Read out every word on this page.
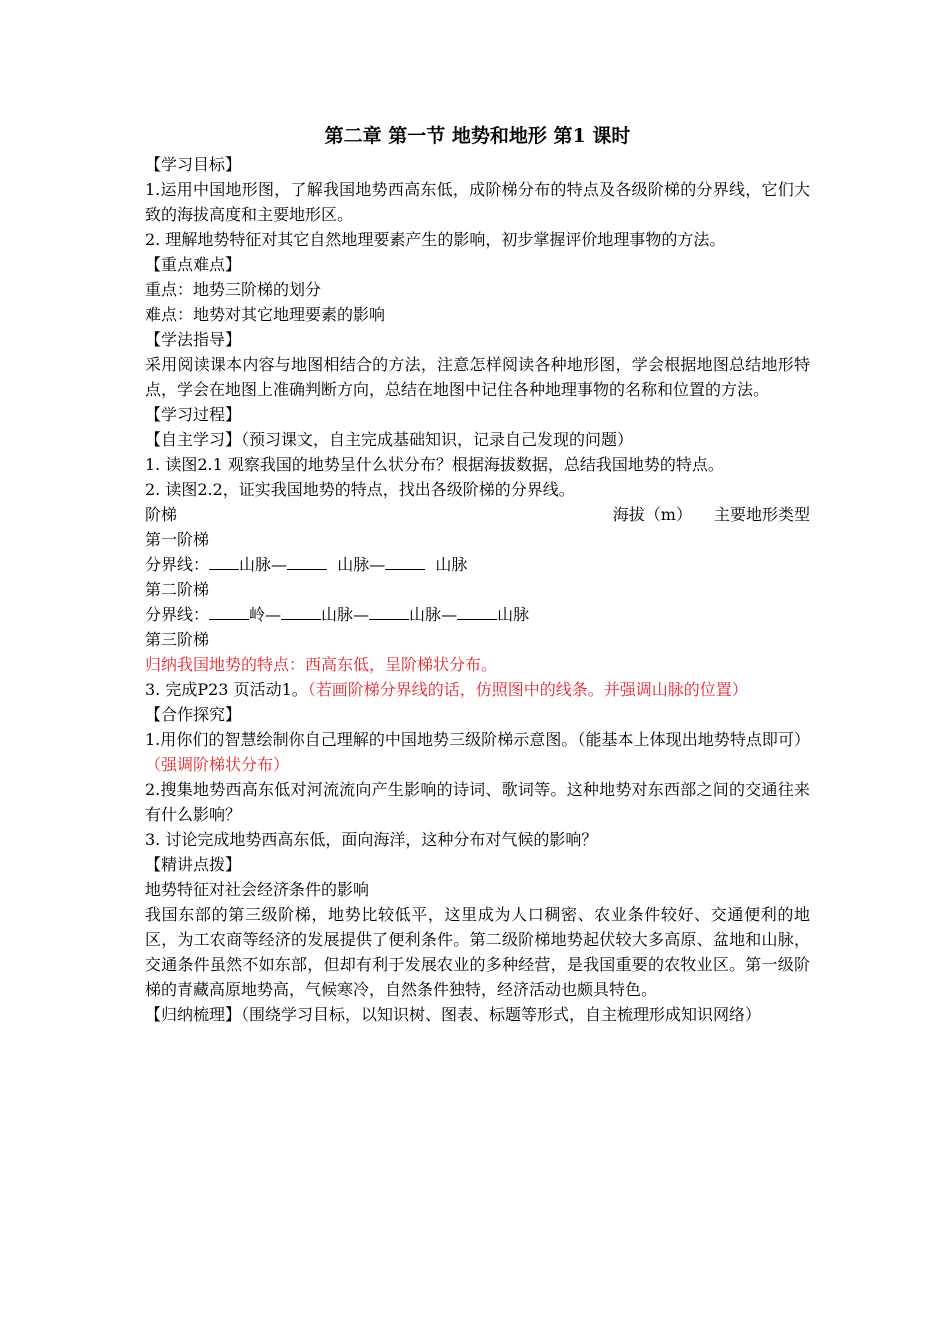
第二章 第一节 地势和地形 第1 课时

【学习目标】

1.运用中国地形图，了解我国地势西高东低，成阶梯分布的特点及各级阶梯的分界线，它们大致的海拔高度和主要地形区。

2. 理解地势特征对其它自然地理要素产生的影响，初步掌握评价地理事物的方法。

【重点难点】

重点：地势三阶梯的划分

难点：地势对其它地理要素的影响

【学法指导】

采用阅读课本内容与地图相结合的方法，注意怎样阅读各种地形图，学会根据地图总结地形特点，学会在地图上准确判断方向，总结在地图中记住各种地理事物的名称和位置的方法。

【学习过程】

【自主学习】（预习课文，自主完成基础知识，记录自己发现的问题）

1. 读图2.1 观察我国的地势呈什么状分布？根据海拔数据，总结我国地势的特点。

2. 读图2.2，证实我国地势的特点，找出各级阶梯的分界线。

阶梯	海拔（m） 主要地形类型

第一阶梯

分界线： 山脉—	山脉—	山脉

第二阶梯

分界线：	岭—	山脉—	山脉—	山脉

第三阶梯

归纳我国地势的特点：西高东低，呈阶梯状分布。

3. 完成P23 页活动1。（若画阶梯分界线的话，仿照图中的线条。并强调山脉的位置）

【合作探究】

1.用你们的智慧绘制你自己理解的中国地势三级阶梯示意图。（能基本上体现出地势特点即可）（强调阶梯状分布）

2.搜集地势西高东低对河流流向产生影响的诗词、歌词等。这种地势对东西部之间的交通往来有什么影响？

3. 讨论完成地势西高东低，面向海洋，这种分布对气候的影响？

【精讲点拨】

地势特征对社会经济条件的影响

我国东部的第三级阶梯，地势比较低平，这里成为人口稠密、农业条件较好、交通便利的地区，为工农商等经济的发展提供了便利条件。第二级阶梯地势起伏较大多高原、盆地和山脉，交通条件虽然不如东部，但却有利于发展农业的多种经营，是我国重要的农牧业区。第一级阶梯的青藏高原地势高，气候寒冷，自然条件独特，经济活动也颇具特色。

【归纳梳理】（围绕学习目标，以知识树、图表、标题等形式，自主梳理形成知识网络）
